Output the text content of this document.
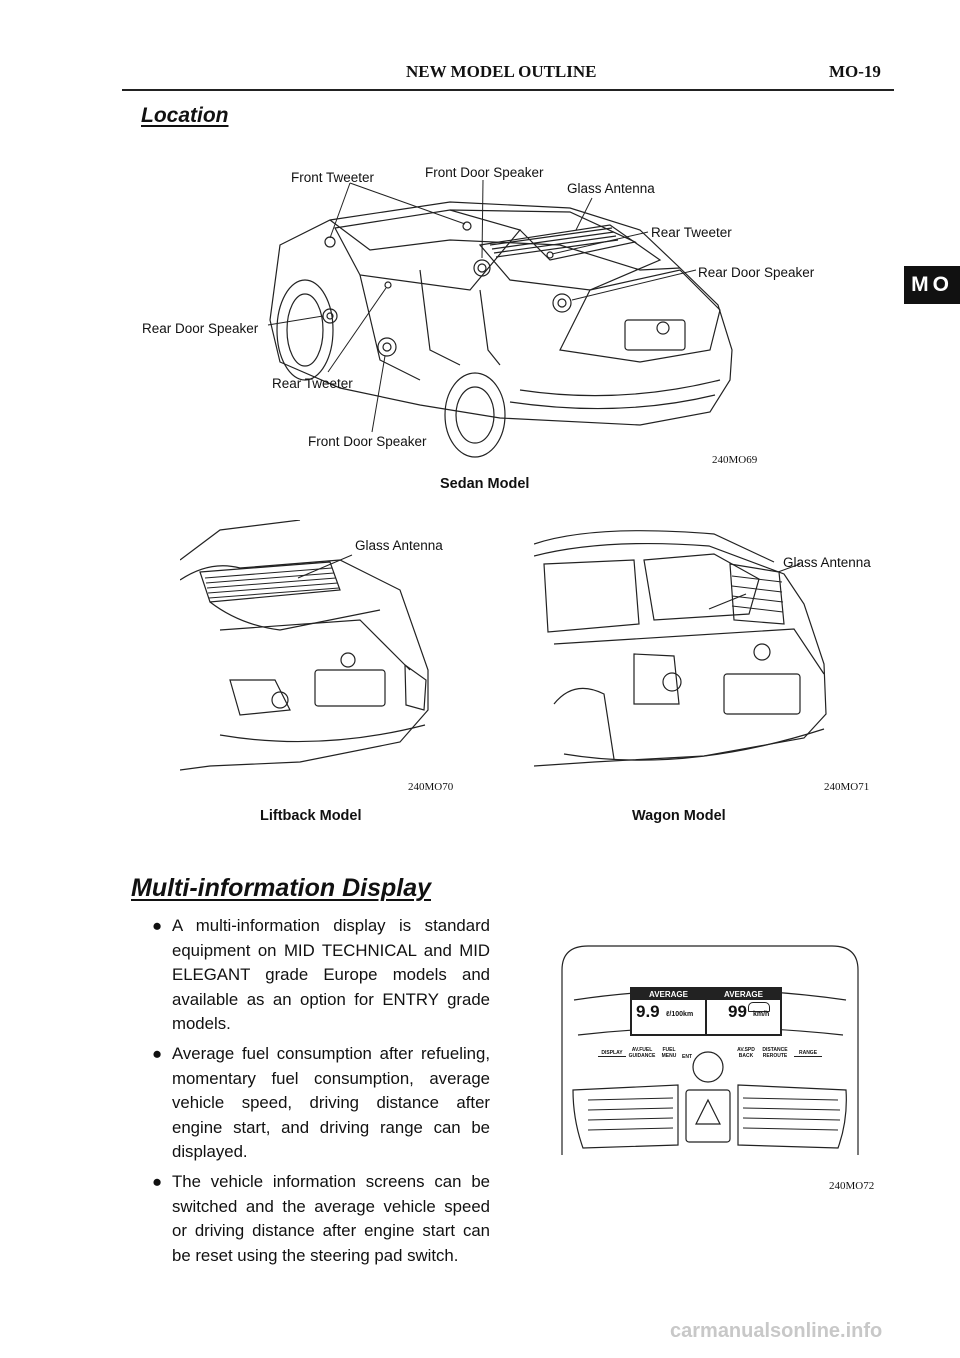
NEW MODEL OUTLINE	MO-19
MO
Location
Front Tweeter	Front Door Speaker
Glass Antenna
Rear Tweeter
Rear Door Speaker
Rear Door Speaker
Rear Tweeter
Front Door Speaker
240MO69
Sedan Model
Glass Antenna
240MO70
Liftback Model
Glass Antenna
240MO71
Wagon Model
Multi-information Display
● A multi-information display is standard equipment on MID TECHNICAL and MID ELEGANT grade Europe models and available as an option for ENTRY grade models.
● Average fuel consumption after refueling, momentary fuel consumption, average vehicle speed, driving distance after engine start, and driving range can be displayed.
● The vehicle information screens can be switched and the average vehicle speed or driving distance after engine start can be reset using the steering pad switch.
AVERAGE	AVERAGE
9.9 ℓ/100km 99 km/h
DISPLAY	AV.FUEL GUIDANCE
FUEL MENU	ENT
AV.SPD BACK
DISTANCE REROUTE	RANGE
240MO72
carmanualsonline.info
